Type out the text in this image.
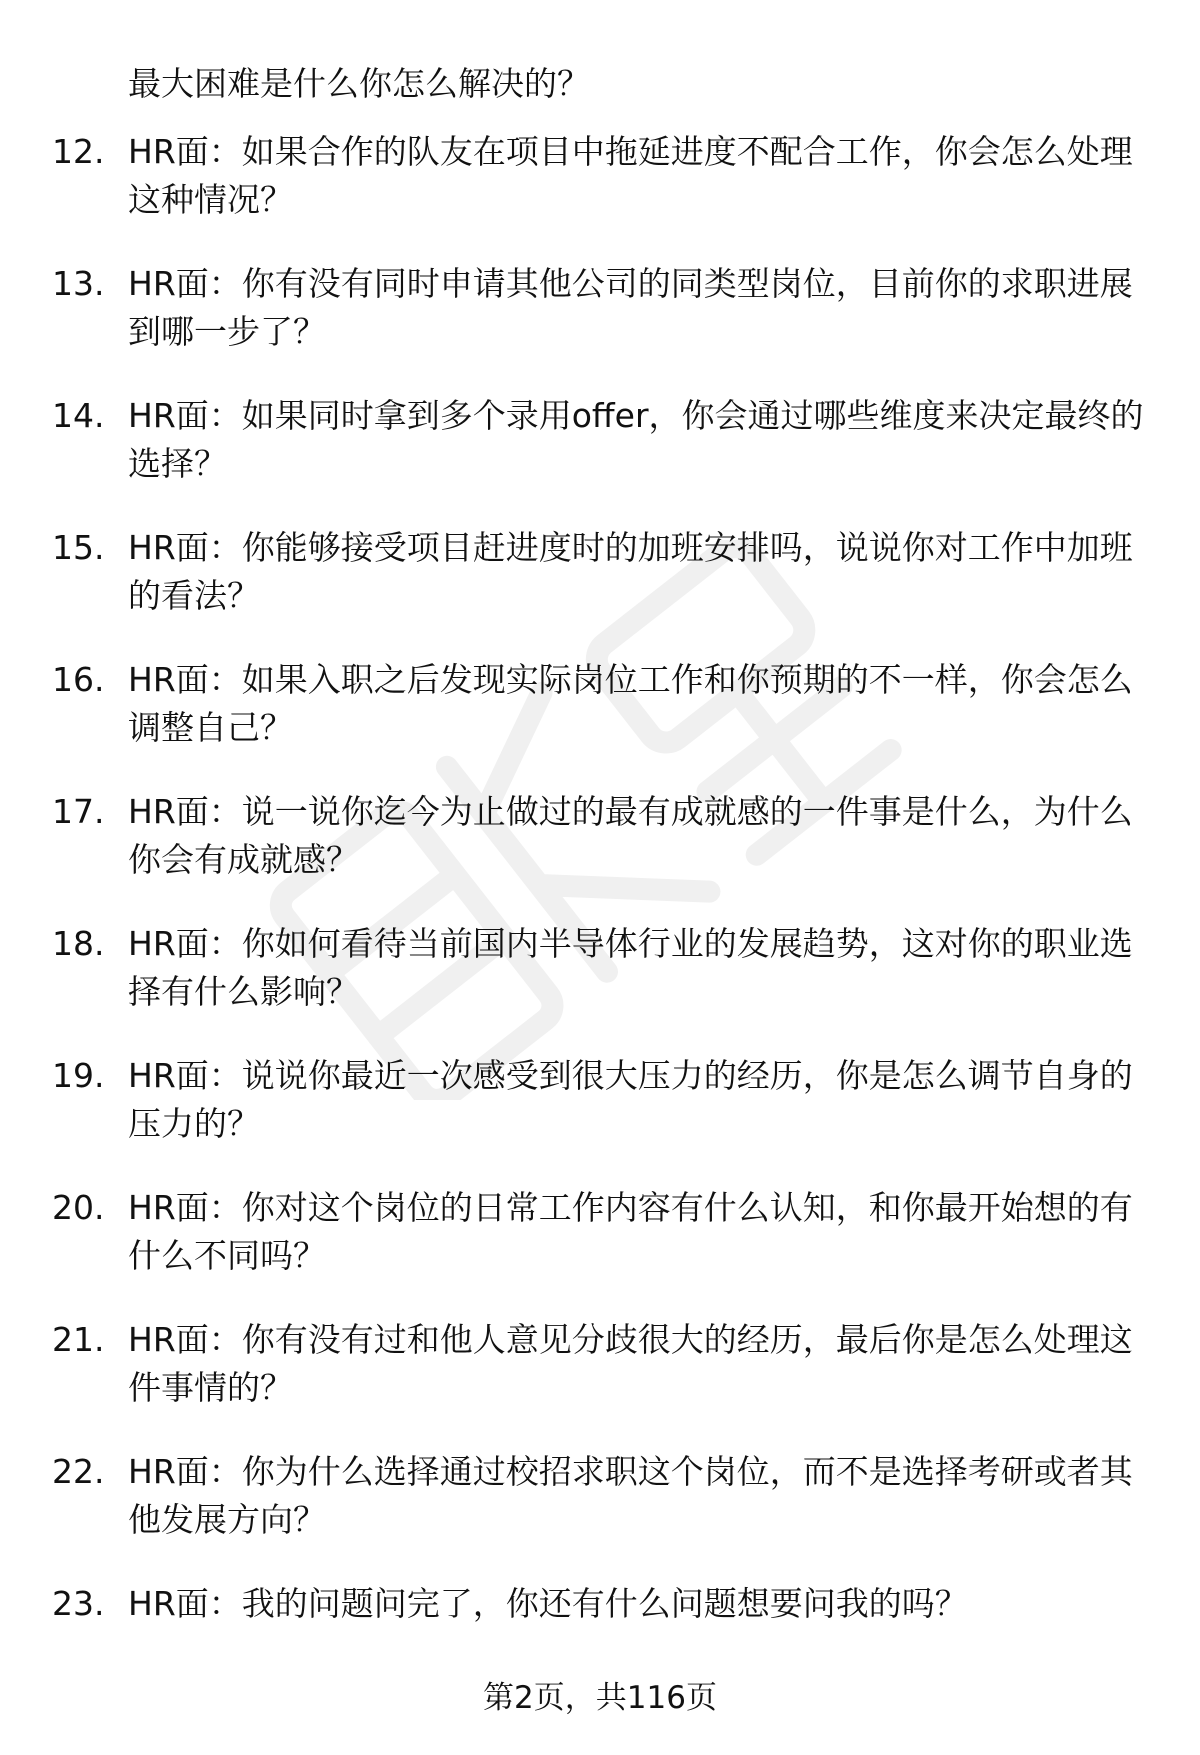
最大困难是什么你怎么解决的？

12. HR面：如果合作的队友在项目中拖延进度不配合工作，你会怎么处理这种情况？

13. HR面：你有没有同时申请其他公司的同类型岗位，目前你的求职进展到哪一步了？

14. HR面：如果同时拿到多个录用offer，你会通过哪些维度来决定最终的选择？

15. HR面：你能够接受项目赶进度时的加班安排吗，说说你对工作中加班的看法？

16. HR面：如果入职之后发现实际岗位工作和你预期的不一样，你会怎么调整自己？

17. HR面：说一说你迄今为止做过的最有成就感的一件事是什么，为什么你会有成就感？

18. HR面：你如何看待当前国内半导体行业的发展趋势，这对你的职业选择有什么影响？

19. HR面：说说你最近一次感受到很大压力的经历，你是怎么调节自身的压力的？

20. HR面：你对这个岗位的日常工作内容有什么认知，和你最开始想的有什么不同吗？

21. HR面：你有没有过和他人意见分歧很大的经历，最后你是怎么处理这件事情的？

22. HR面：你为什么选择通过校招求职这个岗位，而不是选择考研或者其他发展方向？

23. HR面：我的问题问完了，你还有什么问题想要问我的吗？

第2页，共116页
